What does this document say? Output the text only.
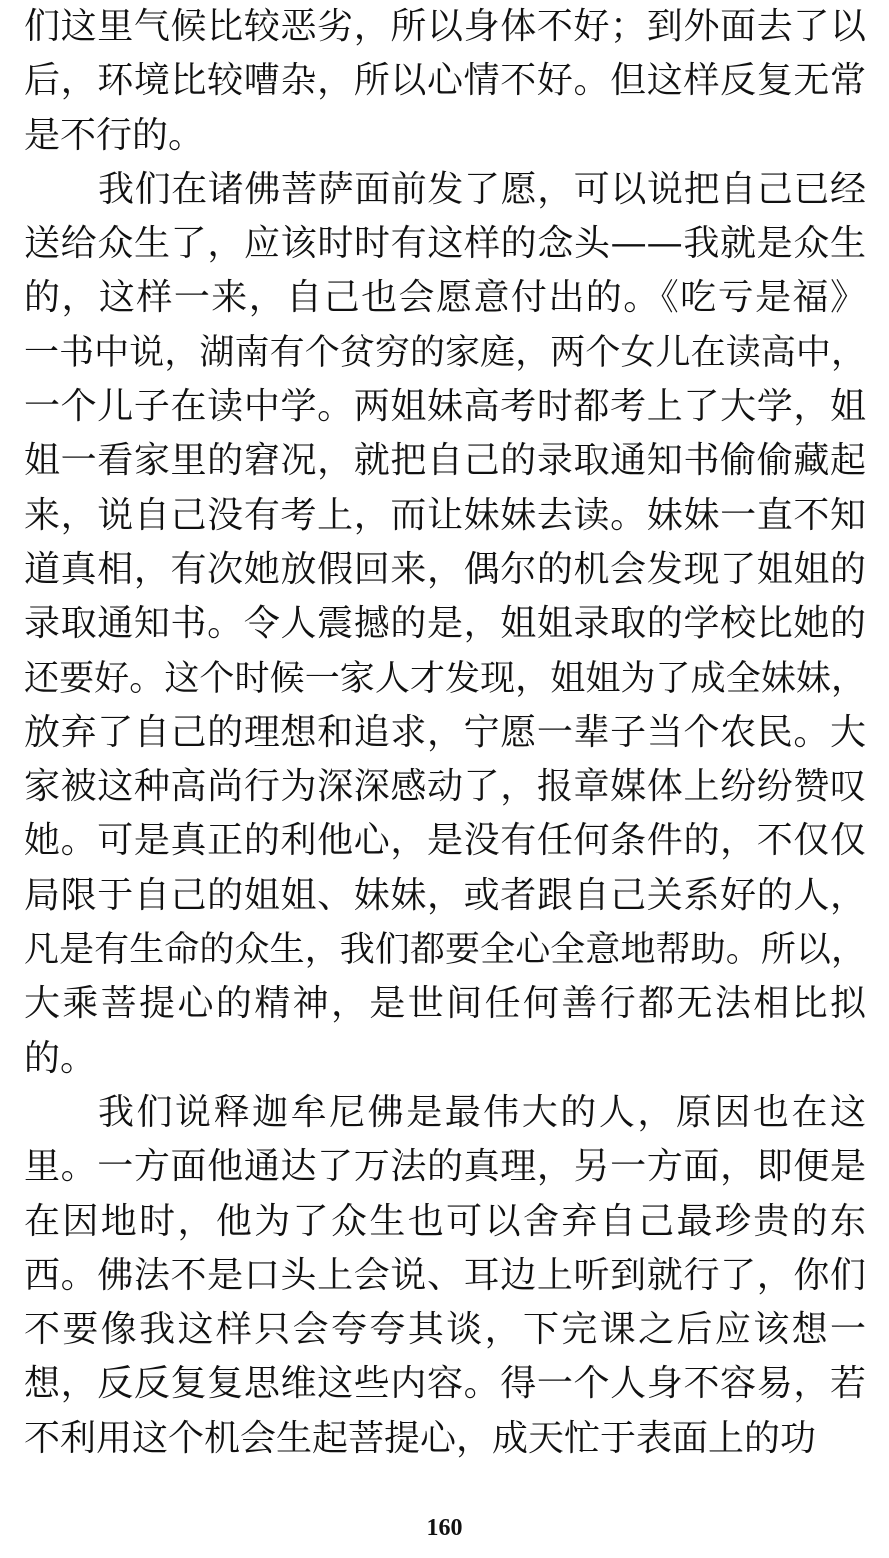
们这里气候比较恶劣，所以身体不好；到外面去了以
后，环境比较嘈杂，所以心情不好。但这样反复无常
是不行的。
我们在诸佛菩萨面前发了愿，可以说把自己已经
送给众生了，应该时时有这样的念头——我就是众生
的，这样一来，自己也会愿意付出的。《吃亏是福》
一书中说，湖南有个贫穷的家庭，两个女儿在读高中，
一个儿子在读中学。两姐妹高考时都考上了大学，姐
姐一看家里的窘况，就把自己的录取通知书偷偷藏起
来，说自己没有考上，而让妹妹去读。妹妹一直不知
道真相，有次她放假回来，偶尔的机会发现了姐姐的
录取通知书。令人震撼的是，姐姐录取的学校比她的
还要好。这个时候一家人才发现，姐姐为了成全妹妹，
放弃了自己的理想和追求，宁愿一辈子当个农民。大
家被这种高尚行为深深感动了，报章媒体上纷纷赞叹
她。可是真正的利他心，是没有任何条件的，不仅仅
局限于自己的姐姐、妹妹，或者跟自己关系好的人，
凡是有生命的众生，我们都要全心全意地帮助。所以，
大乘菩提心的精神，是世间任何善行都无法相比拟
的。
我们说释迦牟尼佛是最伟大的人，原因也在这
里。一方面他通达了万法的真理，另一方面，即便是
在因地时，他为了众生也可以舍弃自己最珍贵的东
西。佛法不是口头上会说、耳边上听到就行了，你们
不要像我这样只会夸夸其谈，下完课之后应该想一
想，反反复复思维这些内容。得一个人身不容易，若
不利用这个机会生起菩提心，成天忙于表面上的功
160
